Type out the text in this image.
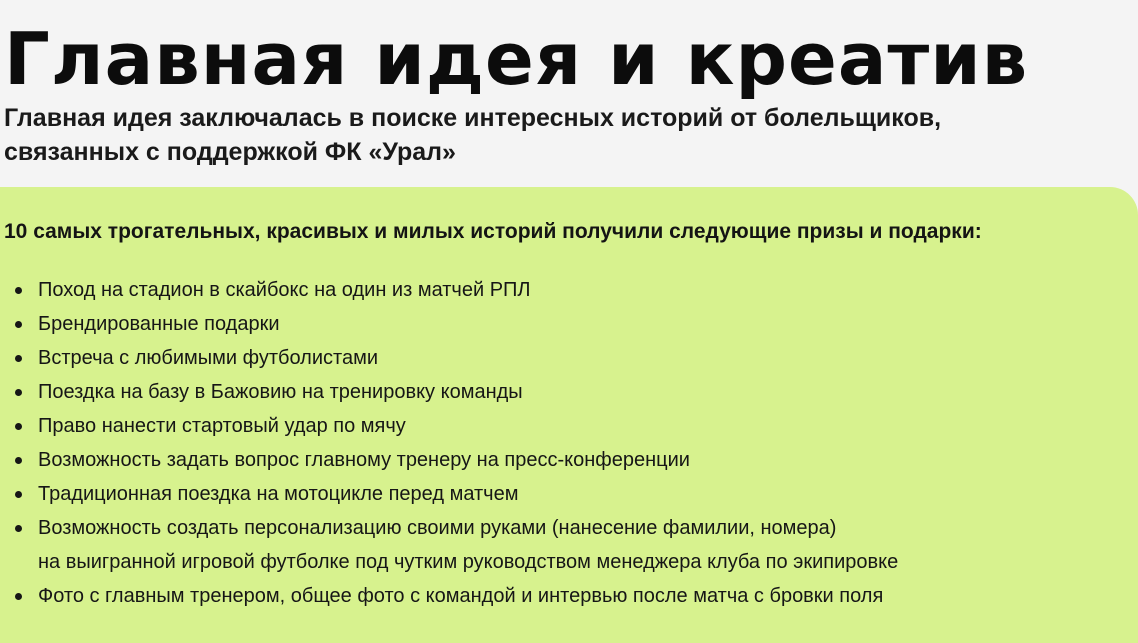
Главная идея и креатив
Главная идея заключалась в поиске интересных историй от болельщиков,
связанных с поддержкой ФК «Урал»

10 самых трогательных, красивых и милых историй получили следующие призы и подарки:

Поход на стадион в скайбокс на один из матчей РПЛ
Брендированные подарки
Встреча с любимыми футболистами
Поездка на базу в Бажовию на тренировку команды
Право нанести стартовый удар по мячу
Возможность задать вопрос главному тренеру на пресс-конференции
Традиционная поездка на мотоцикле перед матчем
Возможность создать персонализацию своими руками (нанесение фамилии, номера)
на выигранной игровой футболке под чутким руководством менеджера клуба по экипировке
Фото с главным тренером, общее фото с командой и интервью после матча с бровки поля
